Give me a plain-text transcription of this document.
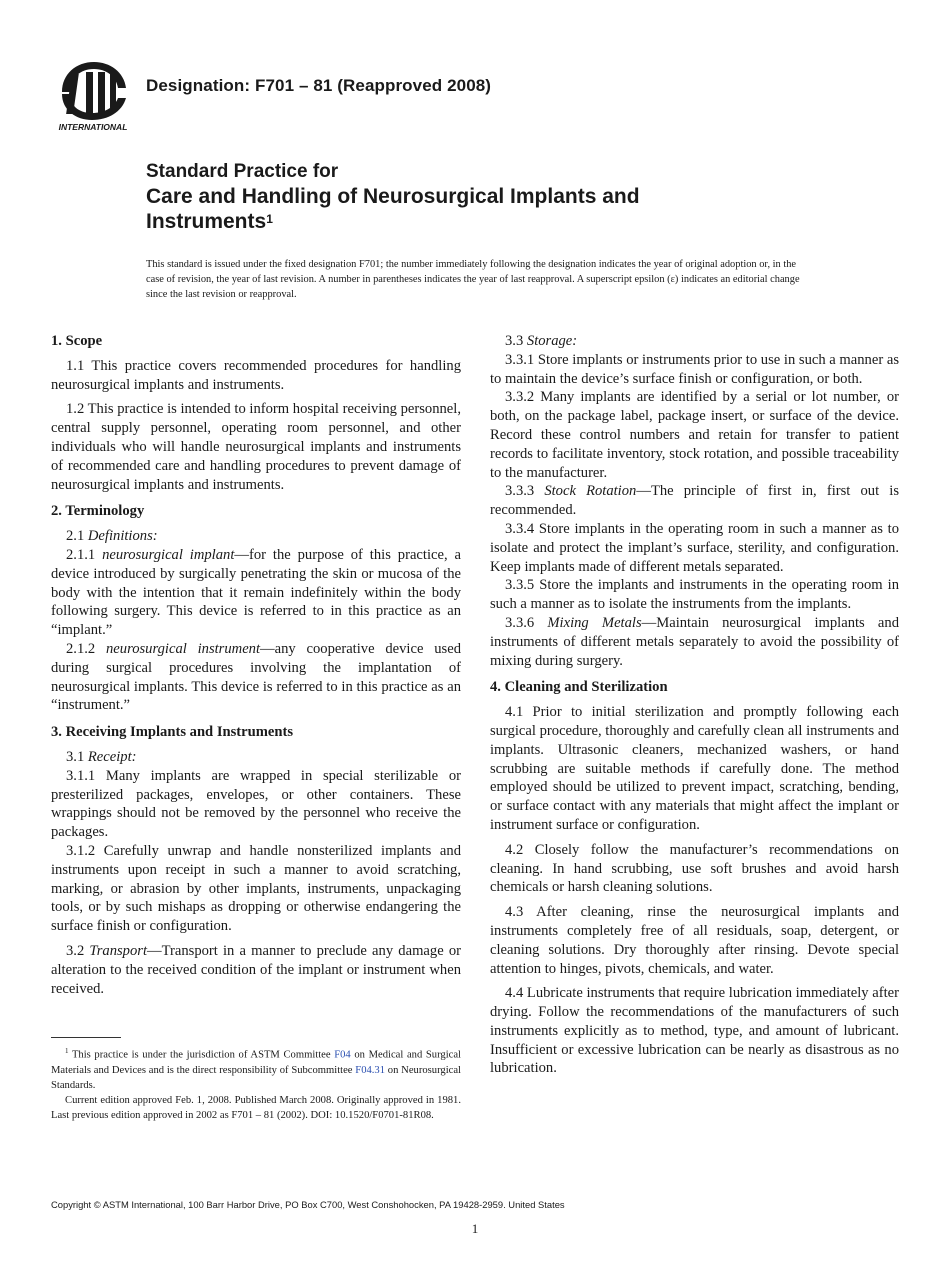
INTERNATIONAL
Designation: F701 – 81 (Reapproved 2008)
Standard Practice for
Care and Handling of Neurosurgical Implants and
Instruments$^1$
This standard is issued under the fixed designation F701; the number immediately following the designation indicates the year of original adoption or, in the case of revision, the year of last revision. A number in parentheses indicates the year of last reapproval. A superscript epsilon (ε) indicates an editorial change since the last revision or reapproval.
1. Scope

1.1 This practice covers recommended procedures for handling neurosurgical implants and instruments.

1.2 This practice is intended to inform hospital receiving personnel, central supply personnel, operating room personnel, and other individuals who will handle neurosurgical implants and instruments of recommended care and handling procedures to prevent damage of neurosurgical implants and instruments.

2. Terminology

2.1 Definitions:

2.1.1 neurosurgical implant—for the purpose of this practice, a device introduced by surgically penetrating the skin or mucosa of the body with the intention that it remain indefinitely within the body following surgery. This device is referred to in this practice as an “implant.”

2.1.2 neurosurgical instrument—any cooperative device used during surgical procedures involving the implantation of neurosurgical implants. This device is referred to in this practice as an “instrument.”

3. Receiving Implants and Instruments

3.1 Receipt:

3.1.1 Many implants are wrapped in special sterilizable or presterilized packages, envelopes, or other containers. These wrappings should not be removed by the personnel who receive the packages.

3.1.2 Carefully unwrap and handle nonsterilized implants and instruments upon receipt in such a manner to avoid scratching, marking, or abrasion by other implants, instruments, unpackaging tools, or by such mishaps as dropping or otherwise endangering the surface finish or configuration.

3.2 Transport—Transport in a manner to preclude any damage or alteration to the received condition of the implant or instrument when received.

3.3 Storage:

3.3.1 Store implants or instruments prior to use in such a manner as to maintain the device’s surface finish or configuration, or both.

3.3.2 Many implants are identified by a serial or lot number, or both, on the package label, package insert, or surface of the device. Record these control numbers and retain for transfer to patient records to facilitate inventory, stock rotation, and possible traceability to the manufacturer.

3.3.3 Stock Rotation—The principle of first in, first out is recommended.

3.3.4 Store implants in the operating room in such a manner as to isolate and protect the implant’s surface, sterility, and configuration. Keep implants made of different metals separated.

3.3.5 Store the implants and instruments in the operating room in such a manner as to isolate the instruments from the implants.

3.3.6 Mixing Metals—Maintain neurosurgical implants and instruments of different metals separately to avoid the possibility of mixing during surgery.

4. Cleaning and Sterilization

4.1 Prior to initial sterilization and promptly following each surgical procedure, thoroughly and carefully clean all instruments and implants. Ultrasonic cleaners, mechanized washers, or hand scrubbing are suitable methods if carefully done. The method employed should be utilized to prevent impact, scratching, bending, or surface contact with any materials that might affect the implant or instrument surface or configuration.

4.2 Closely follow the manufacturer’s recommendations on cleaning. In hand scrubbing, use soft brushes and avoid harsh chemicals or harsh cleaning solutions.

4.3 After cleaning, rinse the neurosurgical implants and instruments completely free of all residuals, soap, detergent, or cleaning solutions. Dry thoroughly after rinsing. Devote special attention to hinges, pivots, chemicals, and water.

4.4 Lubricate instruments that require lubrication immediately after drying. Follow the recommendations of the manufacturers of such instruments explicitly as to method, type, and amount of lubricant. Insufficient or excessive lubrication can be nearly as disastrous as no lubrication.

$^1$ This practice is under the jurisdiction of ASTM Committee F04 on Medical and Surgical Materials and Devices and is the direct responsibility of Subcommittee F04.31 on Neurosurgical Standards.

Current edition approved Feb. 1, 2008. Published March 2008. Originally approved in 1981. Last previous edition approved in 2002 as F701 – 81 (2002). DOI: 10.1520/F0701-81R08.

Copyright © ASTM International, 100 Barr Harbor Drive, PO Box C700, West Conshohocken, PA 19428-2959. United States
1
